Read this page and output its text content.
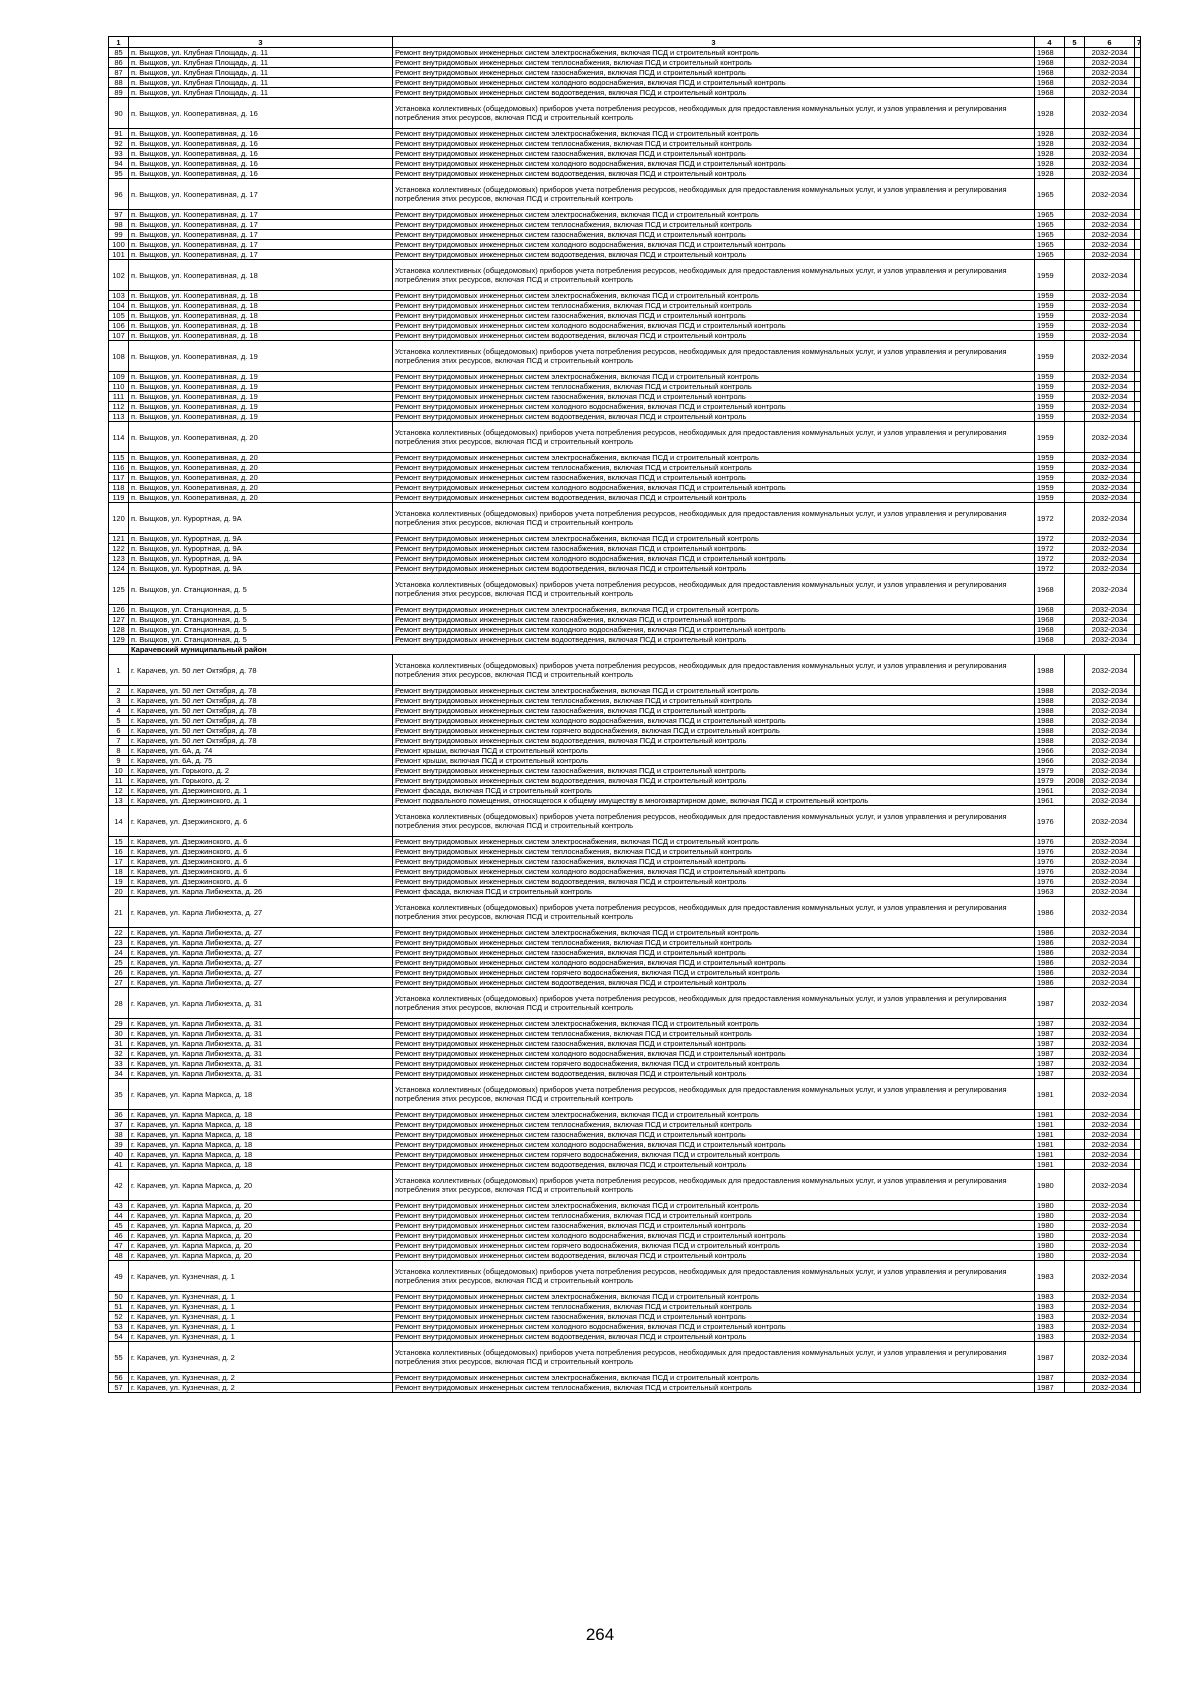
1	3	3	4	5	6	7
85	п. Выщков, ул. Клубная Площадь, д. 11	Ремонт внутридомовых инженерных систем электроснабжения, включая ПСД и строительный контроль	1968		2032-2034	
86	п. Выщков, ул. Клубная Площадь, д. 11	Ремонт внутридомовых инженерных систем теплоснабжения, включая ПСД и строительный контроль	1968		2032-2034	
87	п. Выщков, ул. Клубная Площадь, д. 11	Ремонт внутридомовых инженерных систем газоснабжения, включая ПСД и строительный контроль	1968		2032-2034	
88	п. Выщков, ул. Клубная Площадь, д. 11	Ремонт внутридомовых инженерных систем холодного водоснабжения, включая ПСД и строительный контроль	1968		2032-2034	
89	п. Выщков, ул. Клубная Площадь, д. 11	Ремонт внутридомовых инженерных систем водоотведения, включая ПСД и строительный контроль	1968		2032-2034	
90	п. Выщков, ул. Кооперативная, д. 16	Установка коллективных (общедомовых) приборов учета потребления ресурсов, необходимых для предоставления коммунальных услуг, и узлов управления и регулирования потребления этих ресурсов, включая ПСД и строительный контроль	1928		2032-2034	
91	п. Выщков, ул. Кооперативная, д. 16	Ремонт внутридомовых инженерных систем электроснабжения, включая ПСД и строительный контроль	1928		2032-2034	
92	п. Выщков, ул. Кооперативная, д. 16	Ремонт внутридомовых инженерных систем теплоснабжения, включая ПСД и строительный контроль	1928		2032-2034	
93	п. Выщков, ул. Кооперативная, д. 16	Ремонт внутридомовых инженерных систем газоснабжения, включая ПСД и строительный контроль	1928		2032-2034	
94	п. Выщков, ул. Кооперативная, д. 16	Ремонт внутридомовых инженерных систем холодного водоснабжения, включая ПСД и строительный контроль	1928		2032-2034	
95	п. Выщков, ул. Кооперативная, д. 16	Ремонт внутридомовых инженерных систем водоотведения, включая ПСД и строительный контроль	1928		2032-2034	
96	п. Выщков, ул. Кооперативная, д. 17	Установка коллективных (общедомовых) приборов учета потребления ресурсов, необходимых для предоставления коммунальных услуг, и узлов управления и регулирования потребления этих ресурсов, включая ПСД и строительный контроль	1965		2032-2034	
97	п. Выщков, ул. Кооперативная, д. 17	Ремонт внутридомовых инженерных систем электроснабжения, включая ПСД и строительный контроль	1965		2032-2034	
98	п. Выщков, ул. Кооперативная, д. 17	Ремонт внутридомовых инженерных систем теплоснабжения, включая ПСД и строительный контроль	1965		2032-2034	
99	п. Выщков, ул. Кооперативная, д. 17	Ремонт внутридомовых инженерных систем газоснабжения, включая ПСД и строительный контроль	1965		2032-2034	
100	п. Выщков, ул. Кооперативная, д. 17	Ремонт внутридомовых инженерных систем холодного водоснабжения, включая ПСД и строительный контроль	1965		2032-2034	
101	п. Выщков, ул. Кооперативная, д. 17	Ремонт внутридомовых инженерных систем водоотведения, включая ПСД и строительный контроль	1965		2032-2034	
102	п. Выщков, ул. Кооперативная, д. 18	Установка коллективных (общедомовых) приборов учета потребления ресурсов, необходимых для предоставления коммунальных услуг, и узлов управления и регулирования потребления этих ресурсов, включая ПСД и строительный контроль	1959		2032-2034	
103	п. Выщков, ул. Кооперативная, д. 18	Ремонт внутридомовых инженерных систем электроснабжения, включая ПСД и строительный контроль	1959		2032-2034	
104	п. Выщков, ул. Кооперативная, д. 18	Ремонт внутридомовых инженерных систем теплоснабжения, включая ПСД и строительный контроль	1959		2032-2034	
105	п. Выщков, ул. Кооперативная, д. 18	Ремонт внутридомовых инженерных систем газоснабжения, включая ПСД и строительный контроль	1959		2032-2034	
106	п. Выщков, ул. Кооперативная, д. 18	Ремонт внутридомовых инженерных систем холодного водоснабжения, включая ПСД и строительный контроль	1959		2032-2034	
107	п. Выщков, ул. Кооперативная, д. 18	Ремонт внутридомовых инженерных систем водоотведения, включая ПСД и строительный контроль	1959		2032-2034	
108	п. Выщков, ул. Кооперативная, д. 19	Установка коллективных (общедомовых) приборов учета потребления ресурсов, необходимых для предоставления коммунальных услуг, и узлов управления и регулирования потребления этих ресурсов, включая ПСД и строительный контроль	1959		2032-2034	
109	п. Выщков, ул. Кооперативная, д. 19	Ремонт внутридомовых инженерных систем электроснабжения, включая ПСД и строительный контроль	1959		2032-2034	
110	п. Выщков, ул. Кооперативная, д. 19	Ремонт внутридомовых инженерных систем теплоснабжения, включая ПСД и строительный контроль	1959		2032-2034	
111	п. Выщков, ул. Кооперативная, д. 19	Ремонт внутридомовых инженерных систем газоснабжения, включая ПСД и строительный контроль	1959		2032-2034	
112	п. Выщков, ул. Кооперативная, д. 19	Ремонт внутридомовых инженерных систем холодного водоснабжения, включая ПСД и строительный контроль	1959		2032-2034	
113	п. Выщков, ул. Кооперативная, д. 19	Ремонт внутридомовых инженерных систем водоотведения, включая ПСД и строительный контроль	1959		2032-2034	
114	п. Выщков, ул. Кооперативная, д. 20	Установка коллективных (общедомовых) приборов учета потребления ресурсов, необходимых для предоставления коммунальных услуг, и узлов управления и регулирования потребления этих ресурсов, включая ПСД и строительный контроль	1959		2032-2034	
115	п. Выщков, ул. Кооперативная, д. 20	Ремонт внутридомовых инженерных систем электроснабжения, включая ПСД и строительный контроль	1959		2032-2034	
116	п. Выщков, ул. Кооперативная, д. 20	Ремонт внутридомовых инженерных систем теплоснабжения, включая ПСД и строительный контроль	1959		2032-2034	
117	п. Выщков, ул. Кооперативная, д. 20	Ремонт внутридомовых инженерных систем газоснабжения, включая ПСД и строительный контроль	1959		2032-2034	
118	п. Выщков, ул. Кооперативная, д. 20	Ремонт внутридомовых инженерных систем холодного водоснабжения, включая ПСД и строительный контроль	1959		2032-2034	
119	п. Выщков, ул. Кооперативная, д. 20	Ремонт внутридомовых инженерных систем водоотведения, включая ПСД и строительный контроль	1959		2032-2034	
120	п. Выщков, ул. Курортная, д. 9А	Установка коллективных (общедомовых) приборов учета потребления ресурсов, необходимых для предоставления коммунальных услуг, и узлов управления и регулирования потребления этих ресурсов, включая ПСД и строительный контроль	1972		2032-2034	
121	п. Выщков, ул. Курортная, д. 9А	Ремонт внутридомовых инженерных систем электроснабжения, включая ПСД и строительный контроль	1972		2032-2034	
122	п. Выщков, ул. Курортная, д. 9А	Ремонт внутридомовых инженерных систем газоснабжения, включая ПСД и строительный контроль	1972		2032-2034	
123	п. Выщков, ул. Курортная, д. 9А	Ремонт внутридомовых инженерных систем холодного водоснабжения, включая ПСД и строительный контроль	1972		2032-2034	
124	п. Выщков, ул. Курортная, д. 9А	Ремонт внутридомовых инженерных систем водоотведения, включая ПСД и строительный контроль	1972		2032-2034	
125	п. Выщков, ул. Станционная, д. 5	Установка коллективных (общедомовых) приборов учета потребления ресурсов, необходимых для предоставления коммунальных услуг, и узлов управления и регулирования потребления этих ресурсов, включая ПСД и строительный контроль	1968		2032-2034	
126	п. Выщков, ул. Станционная, д. 5	Ремонт внутридомовых инженерных систем электроснабжения, включая ПСД и строительный контроль	1968		2032-2034	
127	п. Выщков, ул. Станционная, д. 5	Ремонт внутридомовых инженерных систем газоснабжения, включая ПСД и строительный контроль	1968		2032-2034	
128	п. Выщков, ул. Станционная, д. 5	Ремонт внутридомовых инженерных систем холодного водоснабжения, включая ПСД и строительный контроль	1968		2032-2034	
129	п. Выщков, ул. Станционная, д. 5	Ремонт внутридомовых инженерных систем водоотведения, включая ПСД и строительный контроль	1968		2032-2034	
	Карачевский муниципальный район					
1	г. Карачев, ул. 50 лет Октября, д. 78	Установка коллективных (общедомовых) приборов учета потребления ресурсов, необходимых для предоставления коммунальных услуг, и узлов управления и регулирования потребления этих ресурсов, включая ПСД и строительный контроль	1988		2032-2034	
2	г. Карачев, ул. 50 лет Октября, д. 78	Ремонт внутридомовых инженерных систем электроснабжения, включая ПСД и строительный контроль	1988		2032-2034	
3	г. Карачев, ул. 50 лет Октября, д. 78	Ремонт внутридомовых инженерных систем теплоснабжения, включая ПСД и строительный контроль	1988		2032-2034	
4	г. Карачев, ул. 50 лет Октября, д. 78	Ремонт внутридомовых инженерных систем газоснабжения, включая ПСД и строительный контроль	1988		2032-2034	
5	г. Карачев, ул. 50 лет Октября, д. 78	Ремонт внутридомовых инженерных систем холодного водоснабжения, включая ПСД и строительный контроль	1988		2032-2034	
6	г. Карачев, ул. 50 лет Октября, д. 78	Ремонт внутридомовых инженерных систем горячего водоснабжения, включая ПСД и строительный контроль	1988		2032-2034	
7	г. Карачев, ул. 50 лет Октября, д. 78	Ремонт внутридомовых инженерных систем водоотведения, включая ПСД и строительный контроль	1988		2032-2034	
8	г. Карачев, ул. 6А, д. 74	Ремонт крыши, включая ПСД и строительный контроль	1966		2032-2034	
9	г. Карачев, ул. 6А, д. 75	Ремонт крыши, включая ПСД и строительный контроль	1966		2032-2034	
10	г. Карачев, ул. Горького, д. 2	Ремонт внутридомовых инженерных систем газоснабжения, включая ПСД и строительный контроль	1979		2032-2034	
11	г. Карачев, ул. Горького, д. 2	Ремонт внутридомовых инженерных систем водоотведения, включая ПСД и строительный контроль	1979	2008	2032-2034	
12	г. Карачев, ул. Дзержинского, д. 1	Ремонт фасада, включая ПСД и строительный контроль	1961		2032-2034	
13	г. Карачев, ул. Дзержинского, д. 1	Ремонт подвального помещения, относящегося к общему имуществу в многоквартирном доме, включая ПСД и строительный контроль	1961		2032-2034	
14	г. Карачев, ул. Дзержинского, д. 6	Установка коллективных (общедомовых) приборов учета потребления ресурсов, необходимых для предоставления коммунальных услуг, и узлов управления и регулирования потребления этих ресурсов, включая ПСД и строительный контроль	1976		2032-2034	
15	г. Карачев, ул. Дзержинского, д. 6	Ремонт внутридомовых инженерных систем электроснабжения, включая ПСД и строительный контроль	1976		2032-2034	
16	г. Карачев, ул. Дзержинского, д. 6	Ремонт внутридомовых инженерных систем теплоснабжения, включая ПСД и строительный контроль	1976		2032-2034	
17	г. Карачев, ул. Дзержинского, д. 6	Ремонт внутридомовых инженерных систем газоснабжения, включая ПСД и строительный контроль	1976		2032-2034	
18	г. Карачев, ул. Дзержинского, д. 6	Ремонт внутридомовых инженерных систем холодного водоснабжения, включая ПСД и строительный контроль	1976		2032-2034	
19	г. Карачев, ул. Дзержинского, д. 6	Ремонт внутридомовых инженерных систем водоотведения, включая ПСД и строительный контроль	1976		2032-2034	
20	г. Карачев, ул. Карла Либкнехта, д. 26	Ремонт фасада, включая ПСД и строительный контроль	1963		2032-2034	
21	г. Карачев, ул. Карла Либкнехта, д. 27	Установка коллективных (общедомовых) приборов учета потребления ресурсов, необходимых для предоставления коммунальных услуг, и узлов управления и регулирования потребления этих ресурсов, включая ПСД и строительный контроль	1986		2032-2034	
22	г. Карачев, ул. Карла Либкнехта, д. 27	Ремонт внутридомовых инженерных систем электроснабжения, включая ПСД и строительный контроль	1986		2032-2034	
23	г. Карачев, ул. Карла Либкнехта, д. 27	Ремонт внутридомовых инженерных систем теплоснабжения, включая ПСД и строительный контроль	1986		2032-2034	
24	г. Карачев, ул. Карла Либкнехта, д. 27	Ремонт внутридомовых инженерных систем газоснабжения, включая ПСД и строительный контроль	1986		2032-2034	
25	г. Карачев, ул. Карла Либкнехта, д. 27	Ремонт внутридомовых инженерных систем холодного водоснабжения, включая ПСД и строительный контроль	1986		2032-2034	
26	г. Карачев, ул. Карла Либкнехта, д. 27	Ремонт внутридомовых инженерных систем горячего водоснабжения, включая ПСД и строительный контроль	1986		2032-2034	
27	г. Карачев, ул. Карла Либкнехта, д. 27	Ремонт внутридомовых инженерных систем водоотведения, включая ПСД и строительный контроль	1986		2032-2034	
28	г. Карачев, ул. Карла Либкнехта, д. 31	Установка коллективных (общедомовых) приборов учета потребления ресурсов, необходимых для предоставления коммунальных услуг, и узлов управления и регулирования потребления этих ресурсов, включая ПСД и строительный контроль	1987		2032-2034	
29	г. Карачев, ул. Карла Либкнехта, д. 31	Ремонт внутридомовых инженерных систем электроснабжения, включая ПСД и строительный контроль	1987		2032-2034	
30	г. Карачев, ул. Карла Либкнехта, д. 31	Ремонт внутридомовых инженерных систем теплоснабжения, включая ПСД и строительный контроль	1987		2032-2034	
31	г. Карачев, ул. Карла Либкнехта, д. 31	Ремонт внутридомовых инженерных систем газоснабжения, включая ПСД и строительный контроль	1987		2032-2034	
32	г. Карачев, ул. Карла Либкнехта, д. 31	Ремонт внутридомовых инженерных систем холодного водоснабжения, включая ПСД и строительный контроль	1987		2032-2034	
33	г. Карачев, ул. Карла Либкнехта, д. 31	Ремонт внутридомовых инженерных систем горячего водоснабжения, включая ПСД и строительный контроль	1987		2032-2034	
34	г. Карачев, ул. Карла Либкнехта, д. 31	Ремонт внутридомовых инженерных систем водоотведения, включая ПСД и строительный контроль	1987		2032-2034	
35	г. Карачев, ул. Карла Маркса, д. 18	Установка коллективных (общедомовых) приборов учета потребления ресурсов, необходимых для предоставления коммунальных услуг, и узлов управления и регулирования потребления этих ресурсов, включая ПСД и строительный контроль	1981		2032-2034	
36	г. Карачев, ул. Карла Маркса, д. 18	Ремонт внутридомовых инженерных систем электроснабжения, включая ПСД и строительный контроль	1981		2032-2034	
37	г. Карачев, ул. Карла Маркса, д. 18	Ремонт внутридомовых инженерных систем теплоснабжения, включая ПСД и строительный контроль	1981		2032-2034	
38	г. Карачев, ул. Карла Маркса, д. 18	Ремонт внутридомовых инженерных систем газоснабжения, включая ПСД и строительный контроль	1981		2032-2034	
39	г. Карачев, ул. Карла Маркса, д. 18	Ремонт внутридомовых инженерных систем холодного водоснабжения, включая ПСД и строительный контроль	1981		2032-2034	
40	г. Карачев, ул. Карла Маркса, д. 18	Ремонт внутридомовых инженерных систем горячего водоснабжения, включая ПСД и строительный контроль	1981		2032-2034	
41	г. Карачев, ул. Карла Маркса, д. 18	Ремонт внутридомовых инженерных систем водоотведения, включая ПСД и строительный контроль	1981		2032-2034	
42	г. Карачев, ул. Карла Маркса, д. 20	Установка коллективных (общедомовых) приборов учета потребления ресурсов, необходимых для предоставления коммунальных услуг, и узлов управления и регулирования потребления этих ресурсов, включая ПСД и строительный контроль	1980		2032-2034	
43	г. Карачев, ул. Карла Маркса, д. 20	Ремонт внутридомовых инженерных систем электроснабжения, включая ПСД и строительный контроль	1980		2032-2034	
44	г. Карачев, ул. Карла Маркса, д. 20	Ремонт внутридомовых инженерных систем теплоснабжения, включая ПСД и строительный контроль	1980		2032-2034	
45	г. Карачев, ул. Карла Маркса, д. 20	Ремонт внутридомовых инженерных систем газоснабжения, включая ПСД и строительный контроль	1980		2032-2034	
46	г. Карачев, ул. Карла Маркса, д. 20	Ремонт внутридомовых инженерных систем холодного водоснабжения, включая ПСД и строительный контроль	1980		2032-2034	
47	г. Карачев, ул. Карла Маркса, д. 20	Ремонт внутридомовых инженерных систем горячего водоснабжения, включая ПСД и строительный контроль	1980		2032-2034	
48	г. Карачев, ул. Карла Маркса, д. 20	Ремонт внутридомовых инженерных систем водоотведения, включая ПСД и строительный контроль	1980		2032-2034	
49	г. Карачев, ул. Кузнечная, д. 1	Установка коллективных (общедомовых) приборов учета потребления ресурсов, необходимых для предоставления коммунальных услуг, и узлов управления и регулирования потребления этих ресурсов, включая ПСД и строительный контроль	1983		2032-2034	
50	г. Карачев, ул. Кузнечная, д. 1	Ремонт внутридомовых инженерных систем электроснабжения, включая ПСД и строительный контроль	1983		2032-2034	
51	г. Карачев, ул. Кузнечная, д. 1	Ремонт внутридомовых инженерных систем теплоснабжения, включая ПСД и строительный контроль	1983		2032-2034	
52	г. Карачев, ул. Кузнечная, д. 1	Ремонт внутридомовых инженерных систем газоснабжения, включая ПСД и строительный контроль	1983		2032-2034	
53	г. Карачев, ул. Кузнечная, д. 1	Ремонт внутридомовых инженерных систем холодного водоснабжения, включая ПСД и строительный контроль	1983		2032-2034	
54	г. Карачев, ул. Кузнечная, д. 1	Ремонт внутридомовых инженерных систем водоотведения, включая ПСД и строительный контроль	1983		2032-2034	
55	г. Карачев, ул. Кузнечная, д. 2	Установка коллективных (общедомовых) приборов учета потребления ресурсов, необходимых для предоставления коммунальных услуг, и узлов управления и регулирования потребления этих ресурсов, включая ПСД и строительный контроль	1987		2032-2034	
56	г. Карачев, ул. Кузнечная, д. 2	Ремонт внутридомовых инженерных систем электроснабжения, включая ПСД и строительный контроль	1987		2032-2034	
57	г. Карачев, ул. Кузнечная, д. 2	Ремонт внутридомовых инженерных систем теплоснабжения, включая ПСД и строительный контроль	1987		2032-2034	
264
